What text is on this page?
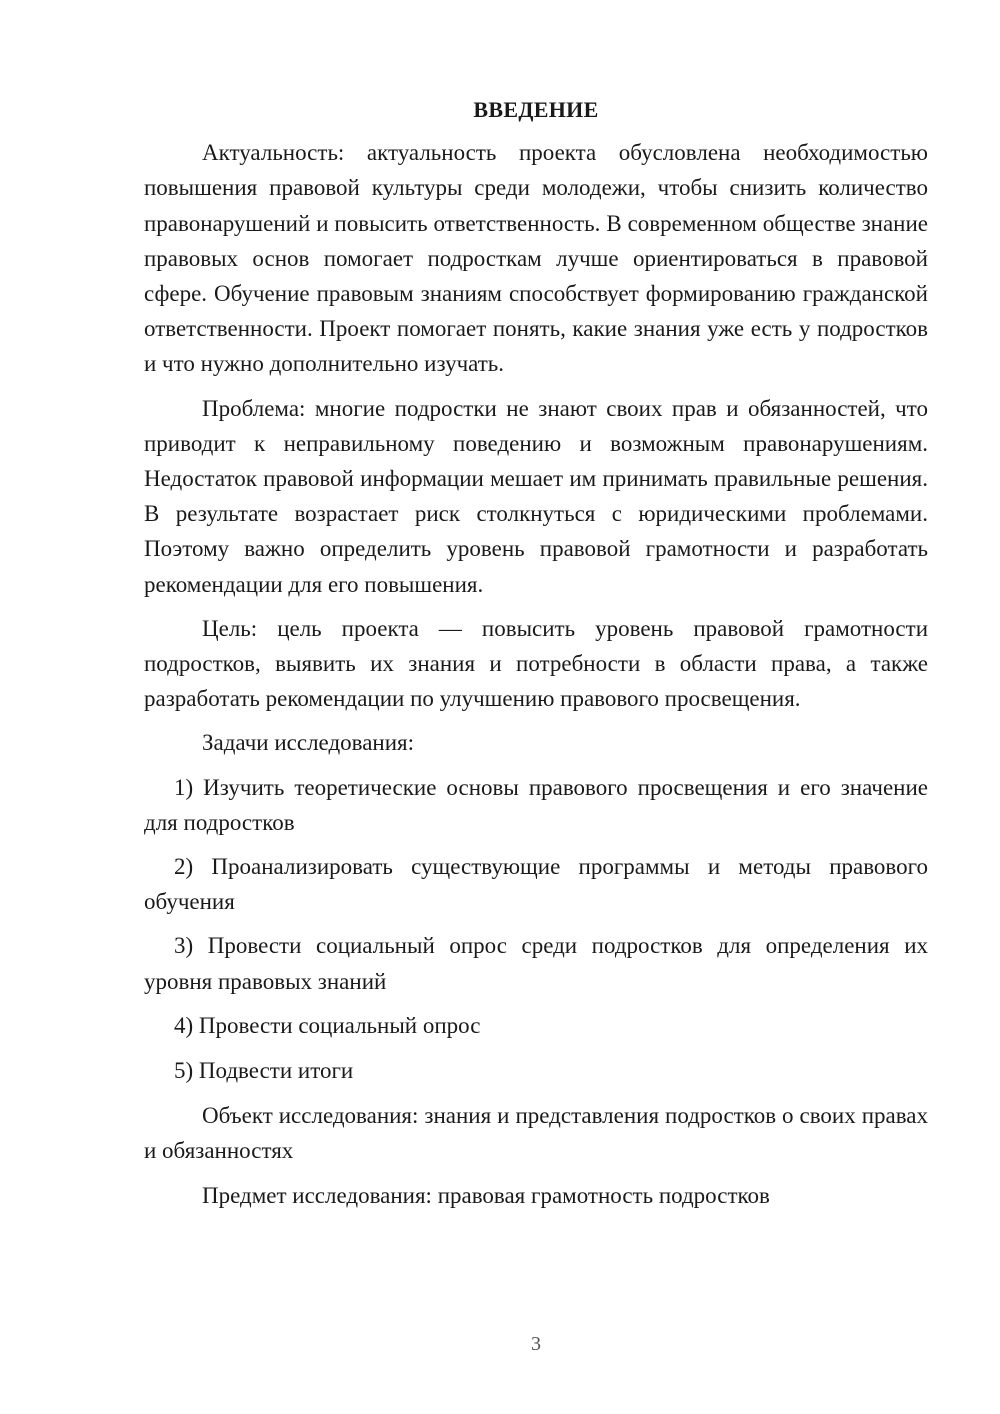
ВВЕДЕНИЕ

Актуальность: актуальность проекта обусловлена необходимостью повышения правовой культуры среди молодежи, чтобы снизить количество правонарушений и повысить ответственность. В современном обществе знание правовых основ помогает подросткам лучше ориентироваться в правовой сфере. Обучение правовым знаниям способствует формированию гражданской ответственности. Проект помогает понять, какие знания уже есть у подростков и что нужно дополнительно изучать.

Проблема: многие подростки не знают своих прав и обязанностей, что приводит к неправильному поведению и возможным правонарушениям. Недостаток правовой информации мешает им принимать правильные решения. В результате возрастает риск столкнуться с юридическими проблемами. Поэтому важно определить уровень правовой грамотности и разработать рекомендации для его повышения.

Цель: цель проекта — повысить уровень правовой грамотности подростков, выявить их знания и потребности в области права, а также разработать рекомендации по улучшению правового просвещения.

Задачи исследования:

1) Изучить теоретические основы правового просвещения и его значение для подростков

2) Проанализировать существующие программы и методы правового обучения

3) Провести социальный опрос среди подростков для определения их уровня правовых знаний

4) Провести социальный опрос

5) Подвести итоги

Объект исследования: знания и представления подростков о своих правах и обязанностях

Предмет исследования: правовая грамотность подростков

3
